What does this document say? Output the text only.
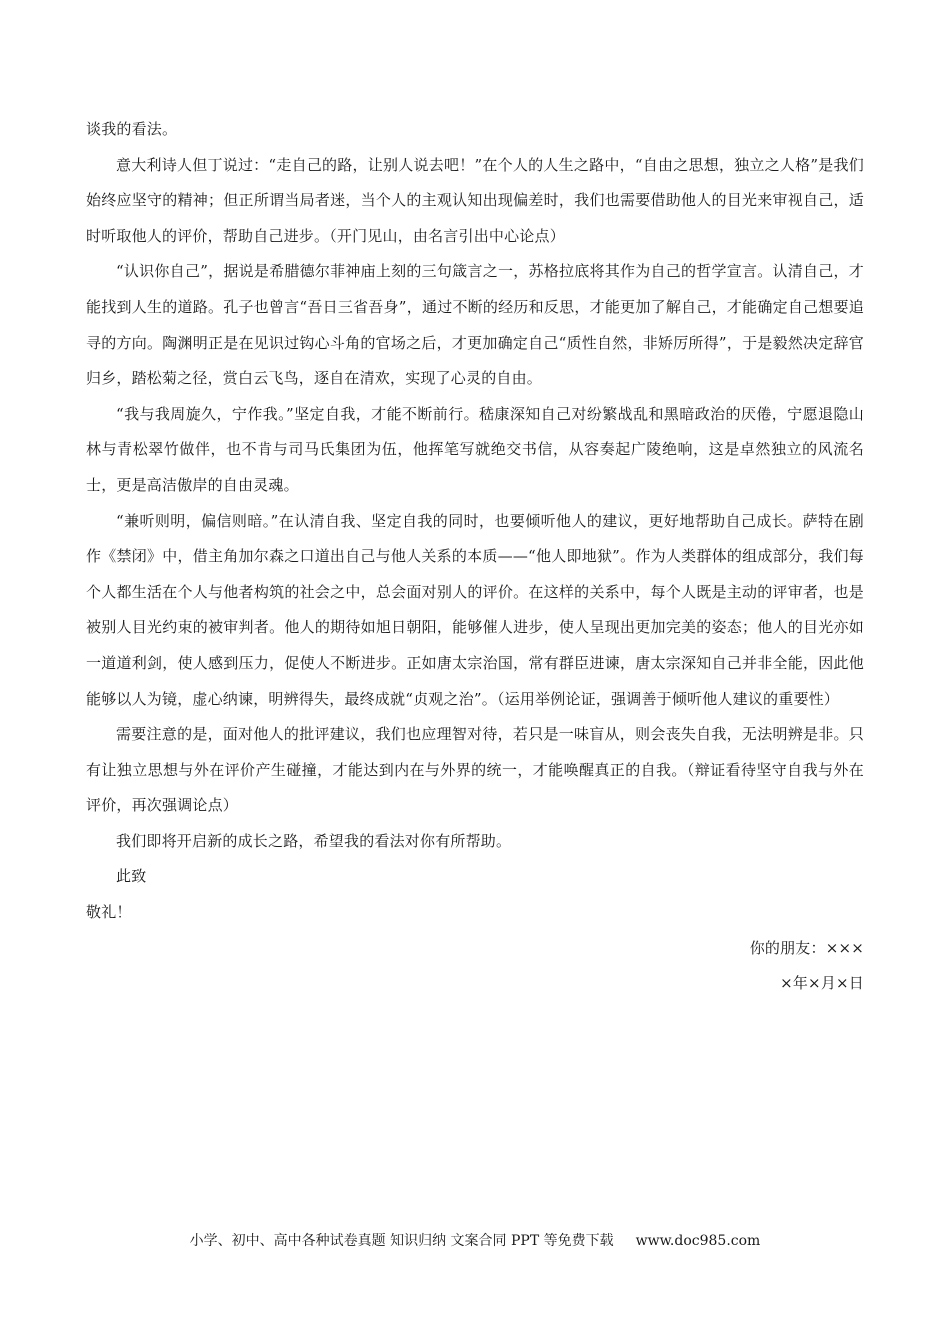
谈我的看法。

意大利诗人但丁说过：“走自己的路，让别人说去吧！”在个人的人生之路中，“自由之思想，独立之人格”是我们始终应坚守的精神；但正所谓当局者迷，当个人的主观认知出现偏差时，我们也需要借助他人的目光来审视自己，适时听取他人的评价，帮助自己进步。（开门见山，由名言引出中心论点）

“认识你自己”，据说是希腊德尔菲神庙上刻的三句箴言之一，苏格拉底将其作为自己的哲学宣言。认清自己，才能找到人生的道路。孔子也曾言“吾日三省吾身”，通过不断的经历和反思，才能更加了解自己，才能确定自己想要追寻的方向。陶渊明正是在见识过钩心斗角的官场之后，才更加确定自己“质性自然，非矫厉所得”，于是毅然决定辞官归乡，踏松菊之径，赏白云飞鸟，逐自在清欢，实现了心灵的自由。

“我与我周旋久，宁作我。”坚定自我，才能不断前行。嵇康深知自己对纷繁战乱和黑暗政治的厌倦，宁愿退隐山林与青松翠竹做伴，也不肯与司马氏集团为伍，他挥笔写就绝交书信，从容奏起广陵绝响，这是卓然独立的风流名士，更是高洁傲岸的自由灵魂。

“兼听则明，偏信则暗。”在认清自我、坚定自我的同时，也要倾听他人的建议，更好地帮助自己成长。萨特在剧作《禁闭》中，借主角加尔森之口道出自己与他人关系的本质——“他人即地狱”。作为人类群体的组成部分，我们每个人都生活在个人与他者构筑的社会之中，总会面对别人的评价。在这样的关系中，每个人既是主动的评审者，也是被别人目光约束的被审判者。他人的期待如旭日朝阳，能够催人进步，使人呈现出更加完美的姿态；他人的目光亦如一道道利剑，使人感到压力，促使人不断进步。正如唐太宗治国，常有群臣进谏，唐太宗深知自己并非全能，因此他能够以人为镜，虚心纳谏，明辨得失，最终成就“贞观之治”。（运用举例论证，强调善于倾听他人建议的重要性）

需要注意的是，面对他人的批评建议，我们也应理智对待，若只是一味盲从，则会丧失自我，无法明辨是非。只有让独立思想与外在评价产生碰撞，才能达到内在与外界的统一，才能唤醒真正的自我。（辩证看待坚守自我与外在评价，再次强调论点）

我们即将开启新的成长之路，希望我的看法对你有所帮助。

此致

敬礼！

你的朋友：×××

×年×月×日

小学、初中、高中各种试卷真题 知识归纳 文案合同 PPT 等免费下载 www.doc985.com
